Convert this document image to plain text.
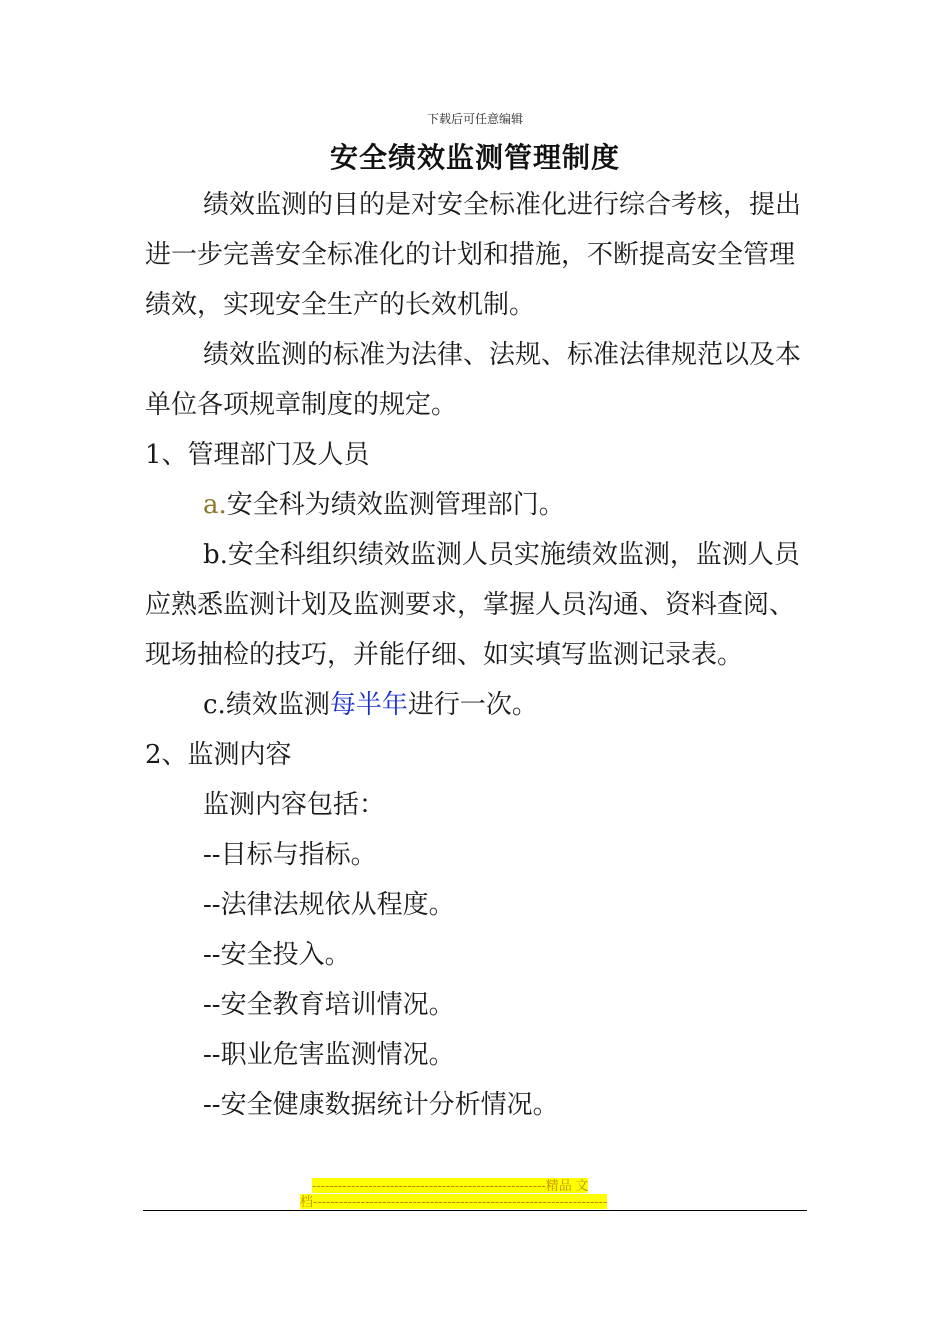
下载后可任意编辑
安全绩效监测管理制度

绩效监测的目的是对安全标准化进行综合考核，提出进一步完善安全标准化的计划和措施，不断提高安全管理绩效，实现安全生产的长效机制。

绩效监测的标准为法律、法规、标准法律规范以及本单位各项规章制度的规定。

1、管理部门及人员

a.安全科为绩效监测管理部门。

b.安全科组织绩效监测人员实施绩效监测，监测人员应熟悉监测计划及监测要求，掌握人员沟通、资料查阅、现场抽检的技巧，并能仔细、如实填写监测记录表。

c.绩效监测每半年进行一次。

2、监测内容

监测内容包括：

--目标与指标。

--法律法规依从程度。

--安全投入。

--安全教育培训情况。

--职业危害监测情况。

--安全健康数据统计分析情况。

------------------------------------------------------精品 文
档--------------------------------------------------------------------
